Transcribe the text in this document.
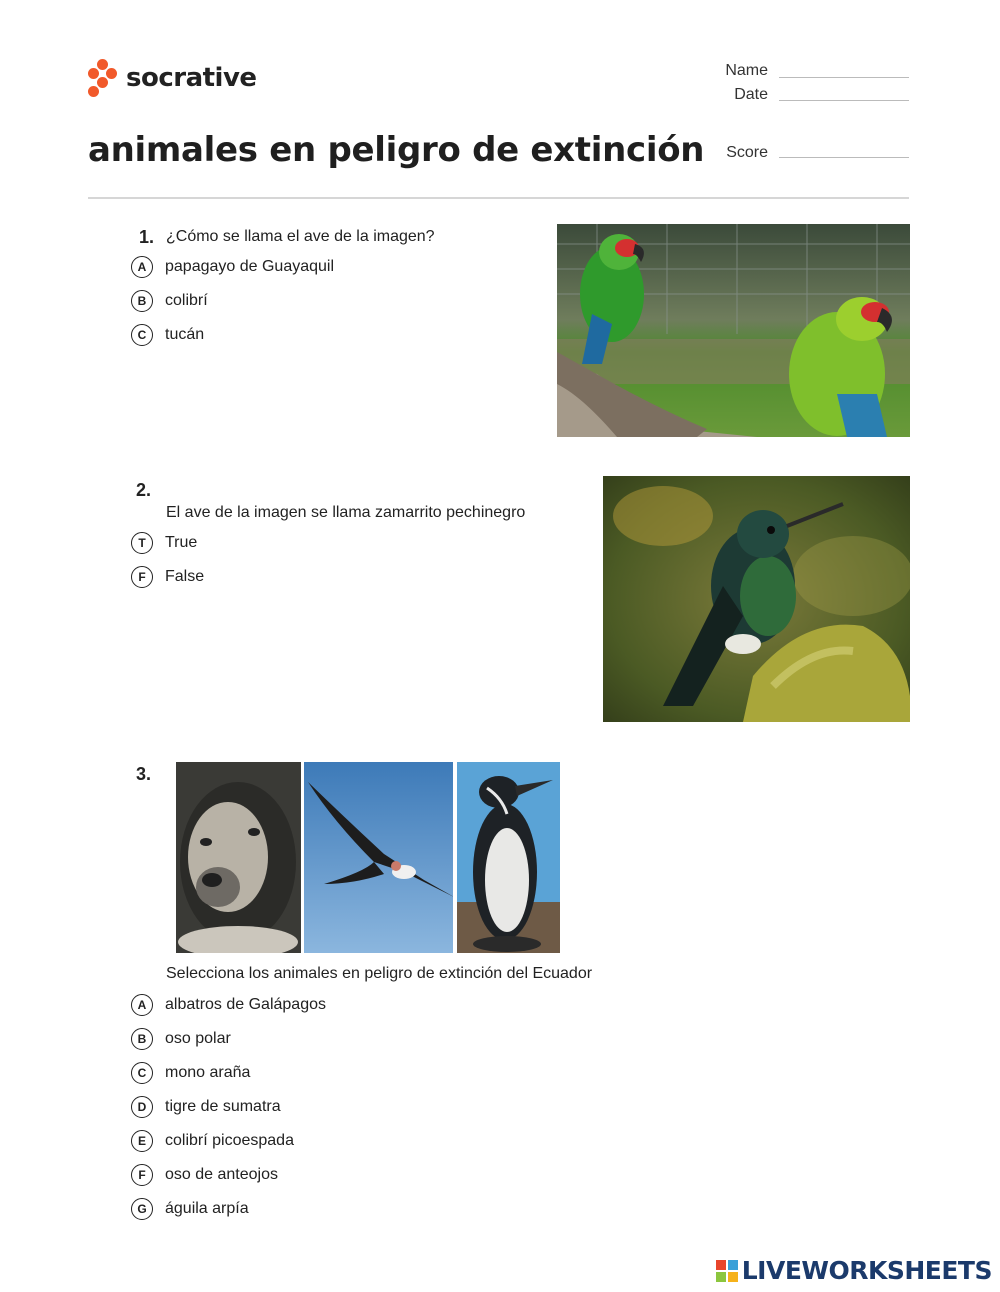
socrative	Name
Date
animales en peligro de extinción	Score
1. ¿Cómo se llama el ave de la imagen?
A	papagayo de Guayaquil
B	colibrí
C	tucán
2.
El ave de la imagen se llama zamarrito pechinegro
T	True
F	False
3.
Selecciona los animales en peligro de extinción del Ecuador
A	albatros de Galápagos
B	oso polar
C	mono araña
D	tigre de sumatra
E	colibrí picoespada
F	oso de anteojos
G	águila arpía
LIVEWORKSHEETS
